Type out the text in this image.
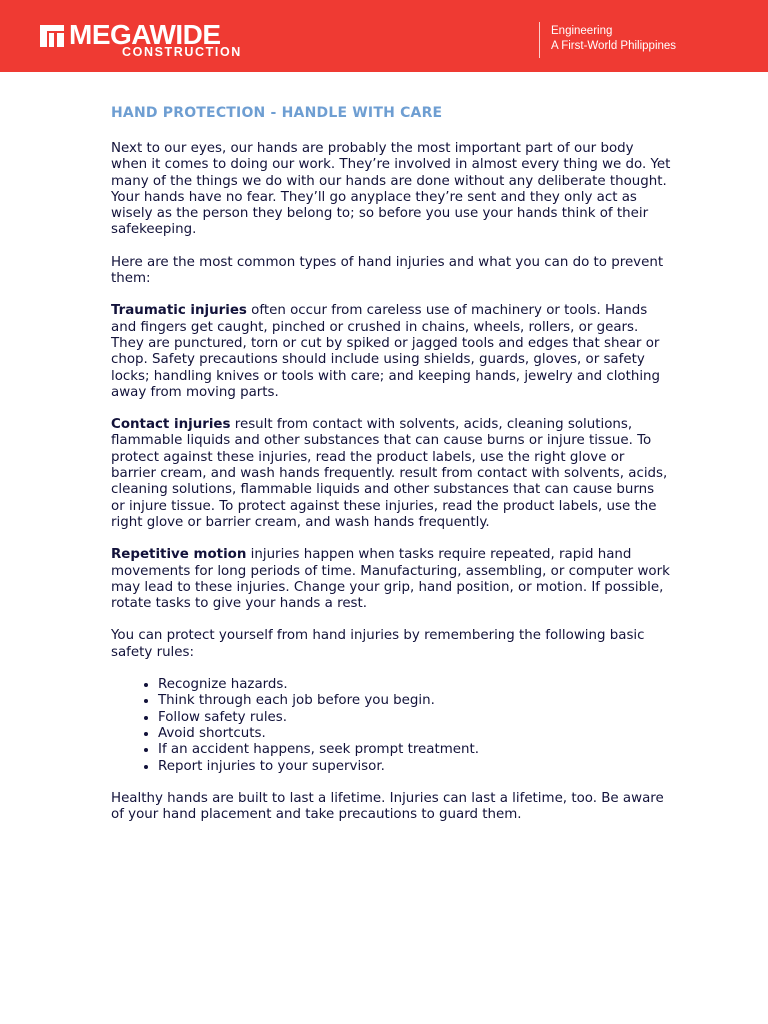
MEGAWIDE
CONSTRUCTION
Engineering
A First-World Philippines
HAND PROTECTION - HANDLE WITH CARE

Next to our eyes, our hands are probably the most important part of our body when it comes to doing our work. They’re involved in almost every thing we do. Yet many of the things we do with our hands are done without any deliberate thought. Your hands have no fear. They’ll go anyplace they’re sent and they only act as wisely as the person they belong to; so before you use your hands think of their safekeeping.

Here are the most common types of hand injuries and what you can do to prevent them:

Traumatic injuries often occur from careless use of machinery or tools. Hands and fingers get caught, pinched or crushed in chains, wheels, rollers, or gears. They are punctured, torn or cut by spiked or jagged tools and edges that shear or chop. Safety precautions should include using shields, guards, gloves, or safety locks; handling knives or tools with care; and keeping hands, jewelry and clothing away from moving parts.

Contact injuries result from contact with solvents, acids, cleaning solutions, flammable liquids and other substances that can cause burns or injure tissue. To protect against these injuries, read the product labels, use the right glove or barrier cream, and wash hands frequently. result from contact with solvents, acids, cleaning solutions, flammable liquids and other substances that can cause burns or injure tissue. To protect against these injuries, read the product labels, use the right glove or barrier cream, and wash hands frequently.

Repetitive motion injuries happen when tasks require repeated, rapid hand movements for long periods of time. Manufacturing, assembling, or computer work may lead to these injuries. Change your grip, hand position, or motion. If possible, rotate tasks to give your hands a rest.

You can protect yourself from hand injuries by remembering the following basic safety rules:

• Recognize hazards.
• Think through each job before you begin.
• Follow safety rules.
• Avoid shortcuts.
• If an accident happens, seek prompt treatment.
• Report injuries to your supervisor.

Healthy hands are built to last a lifetime. Injuries can last a lifetime, too. Be aware of your hand placement and take precautions to guard them.
